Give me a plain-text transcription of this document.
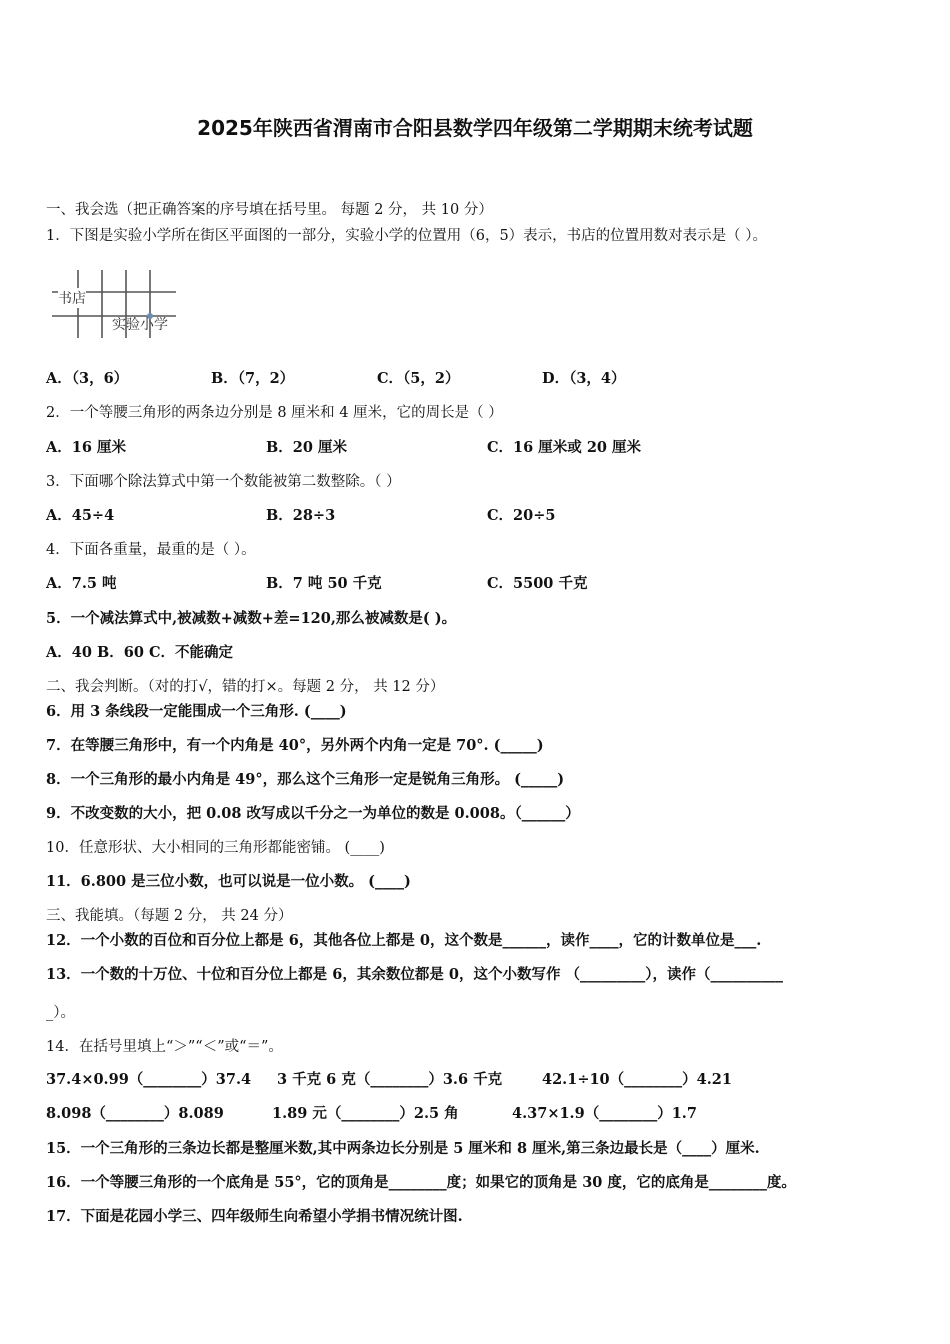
2025年陕西省渭南市合阳县数学四年级第二学期期末统考试题
一、我会选（把正确答案的序号填在括号里。 每题 2 分， 共 10 分）
1．下图是实验小学所在街区平面图的一部分，实验小学的位置用（6，5）表示，书店的位置用数对表示是（ ）。
书店
实验小学
A．（3，6）	B．（7，2）	C．（5，2）	D．（3，4）
2．一个等腰三角形的两条边分别是 8 厘米和 4 厘米，它的周长是（ ）
A．16 厘米	B．20 厘米	C．16 厘米或 20 厘米
3．下面哪个除法算式中第一个数能被第二数整除。（ ）
A．45÷4	B．28÷3	C．20÷5
4．下面各重量，最重的是（ ）。
A．7.5 吨	B．7 吨 50 千克	C．5500 千克
5．一个减法算式中,被减数+减数+差=120,那么被减数是( )。
A．40 B．60 C．不能确定
二、我会判断。（对的打√，错的打×。每题 2 分， 共 12 分）
6．用 3 条线段一定能围成一个三角形. (____)
7．在等腰三角形中，有一个内角是 40°，另外两个内角一定是 70°. (_____)
8．一个三角形的最小内角是 49°，那么这个三角形一定是锐角三角形。 (_____)
9．不改变数的大小，把 0.08 改写成以千分之一为单位的数是 0.008。（______）
10．任意形状、大小相同的三角形都能密铺。 (____)
11．6.800 是三位小数，也可以说是一位小数。 (____)
三、我能填。（每题 2 分， 共 24 分）
12．一个小数的百位和百分位上都是 6，其他各位上都是 0，这个数是______，读作____，它的计数单位是___.
13．一个数的十万位、十位和百分位上都是 6，其余数位都是 0，这个小数写作 （_________），读作（__________
_）。
14．在括号里填上“＞”“＜”或“＝”。
37.4×0.99（________）37.4 3 千克 6 克（________）3.6 千克	42.1÷10（________）4.21
8.098（________）8.089	1.89 元（________）2.5 角	4.37×1.9（________）1.7
15．一个三角形的三条边长都是整厘米数,其中两条边长分别是 5 厘米和 8 厘米,第三条边最长是（____）厘米.
16．一个等腰三角形的一个底角是 55°，它的顶角是________度；如果它的顶角是 30 度，它的底角是________度。
17．下面是花园小学三、四年级师生向希望小学捐书情况统计图.
